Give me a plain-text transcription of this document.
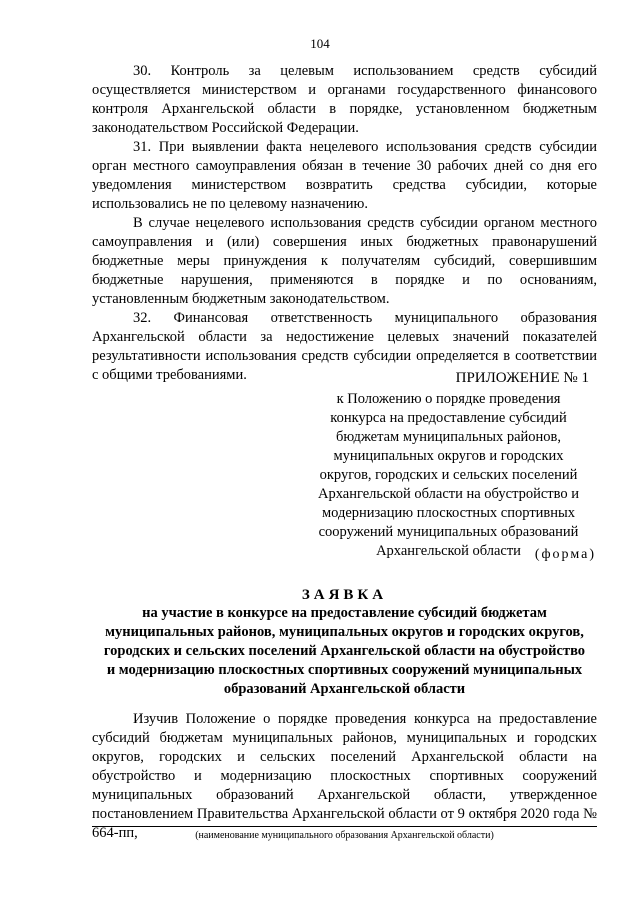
104

30. Контроль за целевым использованием средств субсидий осуществляется министерством и органами государственного финансового контроля Архангельской области в порядке, установленном бюджетным законодательством Российской Федерации.

31. При выявлении факта нецелевого использования средств субсидии орган местного самоуправления обязан в течение 30 рабочих дней со дня его уведомления министерством возвратить средства субсидии, которые использовались не по целевому назначению.

В случае нецелевого использования средств субсидии органом местного самоуправления и (или) совершения иных бюджетных правонарушений бюджетные меры принуждения к получателям субсидий, совершившим бюджетные нарушения, применяются в порядке и по основаниям, установленным бюджетным законодательством.

32. Финансовая ответственность муниципального образования Архангельской области за недостижение целевых значений показателей результативности использования средств субсидии определяется в соответствии с общими требованиями.	ПРИЛОЖЕНИЕ № 1
к Положению о порядке проведения
конкурса на предоставление субсидий
бюджетам муниципальных районов,
муниципальных округов и городских
округов, городских и сельских поселений
Архангельской области на обустройство и
модернизацию плоскостных спортивных
сооружений муниципальных образований
Архангельской области (форма)
ЗАЯВКА
на участие в конкурсе на предоставление субсидий бюджетам
муниципальных районов, муниципальных округов и городских округов,
городских и сельских поселений Архангельской области на обустройство
и модернизацию плоскостных спортивных сооружений муниципальных
образований Архангельской области

Изучив Положение о порядке проведения конкурса на предоставление субсидий бюджетам муниципальных районов, муниципальных и городских округов, городских и сельских поселений Архангельской области на обустройство и модернизацию плоскостных спортивных сооружений муниципальных образований Архангельской области, утвержденное постановлением Правительства Архангельской области от 9 октября 2020 года № 664-пп,	(наименование муниципального образования Архангельской области)
